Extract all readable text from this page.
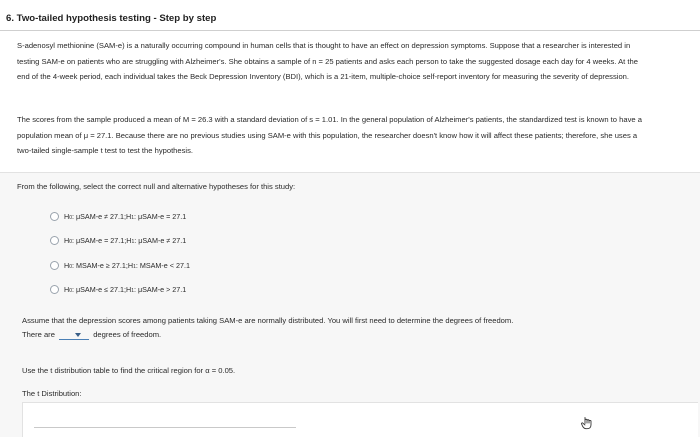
6. Two-tailed hypothesis testing - Step by step

S-adenosyl methionine (SAM-e) is a naturally occurring compound in human cells that is thought to have an effect on depression symptoms. Suppose that a researcher is interested in testing SAM-e on patients who are struggling with Alzheimer's. She obtains a sample of n = 25 patients and asks each person to take the suggested dosage each day for 4 weeks. At the end of the 4-week period, each individual takes the Beck Depression Inventory (BDI), which is a 21-item, multiple-choice self-report inventory for measuring the severity of depression.

The scores from the sample produced a mean of M = 26.3 with a standard deviation of s = 1.01. In the general population of Alzheimer's patients, the standardized test is known to have a population mean of μ = 27.1. Because there are no previous studies using SAM-e with this population, the researcher doesn't know how it will affect these patients; therefore, she uses a two-tailed single-sample t test to test the hypothesis.

From the following, select the correct null and alternative hypotheses for this study:
H 0 : μSAM-e ≠ 27.1; H 1 : μSAM-e = 27.1
H 0 : μSAM-e = 27.1; H 1 : μSAM-e ≠ 27.1
H 0 : MSAM-e ≥ 27.1; H 1 : MSAM-e < 27.1
H 0 : μSAM-e ≤ 27.1; H 1 : μSAM-e > 27.1
Assume that the depression scores among patients taking SAM-e are normally distributed. You will first need to determine the degrees of freedom.
There are	degrees of freedom.
Use the t distribution table to find the critical region for α = 0.05.
The t Distribution:
